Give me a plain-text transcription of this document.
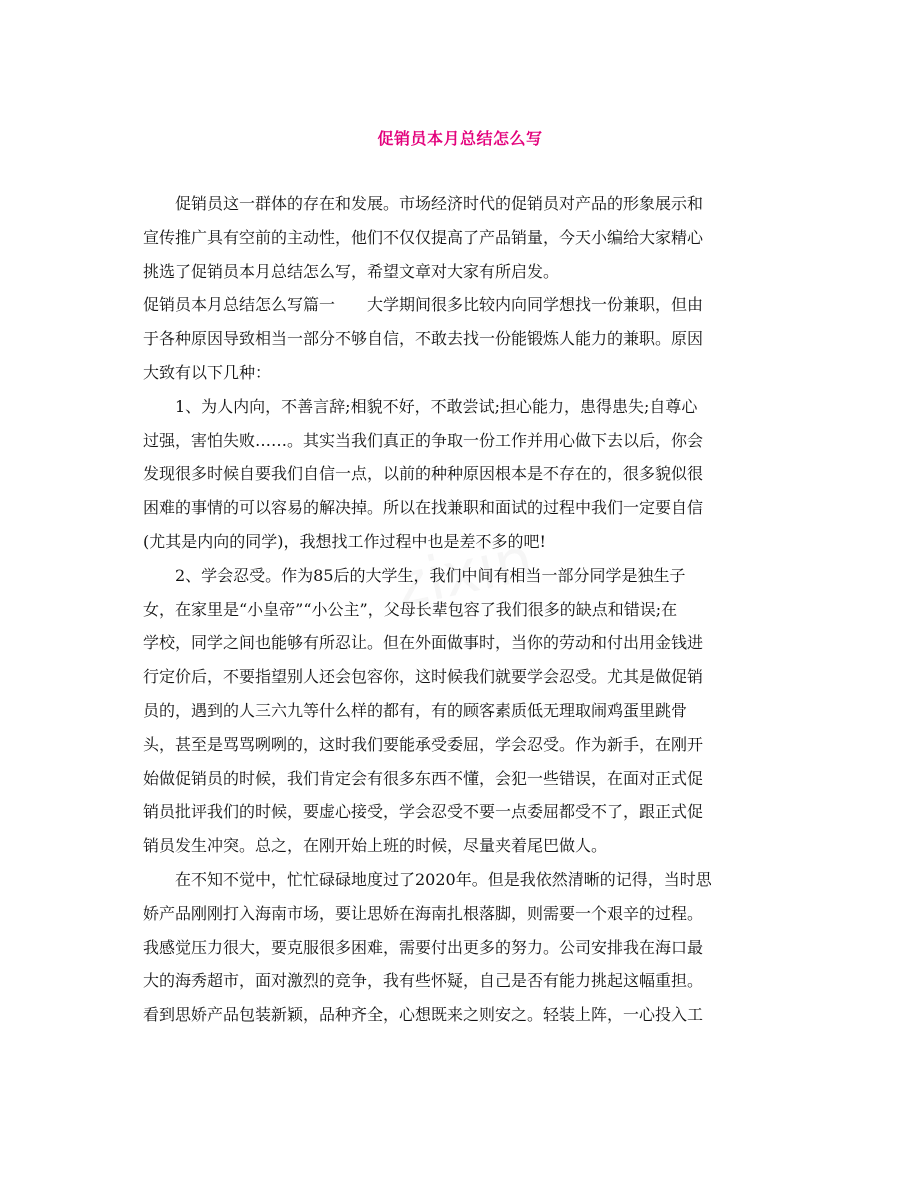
促销员本月总结怎么写
促销员这一群体的存在和发展。市场经济时代的促销员对产品的形象展示和
宣传推广具有空前的主动性，他们不仅仅提高了产品销量，今天小编给大家精心
挑选了促销员本月总结怎么写，希望文章对大家有所启发。
促销员本月总结怎么写篇一　　大学期间很多比较内向同学想找一份兼职，但由
于各种原因导致相当一部分不够自信，不敢去找一份能锻炼人能力的兼职。原因
大致有以下几种：
1、为人内向，不善言辞;相貌不好，不敢尝试;担心能力，患得患失;自尊心
过强，害怕失败……。其实当我们真正的争取一份工作并用心做下去以后，你会
发现很多时候自要我们自信一点，以前的种种原因根本是不存在的，很多貌似很
困难的事情的可以容易的解决掉。所以在找兼职和面试的过程中我们一定要自信
(尤其是内向的同学)，我想找工作过程中也是差不多的吧!
2、学会忍受。作为85后的大学生，我们中间有相当一部分同学是独生子
女，在家里是“小皇帝”“小公主”，父母长辈包容了我们很多的缺点和错误;在
学校，同学之间也能够有所忍让。但在外面做事时，当你的劳动和付出用金钱进
行定价后，不要指望别人还会包容你，这时候我们就要学会忍受。尤其是做促销
员的，遇到的人三六九等什么样的都有，有的顾客素质低无理取闹鸡蛋里跳骨
头，甚至是骂骂咧咧的，这时我们要能承受委屈，学会忍受。作为新手，在刚开
始做促销员的时候，我们肯定会有很多东西不懂，会犯一些错误，在面对正式促
销员批评我们的时候，要虚心接受，学会忍受不要一点委屈都受不了，跟正式促
销员发生冲突。总之，在刚开始上班的时候，尽量夹着尾巴做人。
在不知不觉中，忙忙碌碌地度过了2020年。但是我依然清晰的记得，当时思
娇产品刚刚打入海南市场，要让思娇在海南扎根落脚，则需要一个艰辛的过程。
我感觉压力很大，要克服很多困难，需要付出更多的努力。公司安排我在海口最
大的海秀超市，面对激烈的竞争，我有些怀疑，自己是否有能力挑起这幅重担。
看到思娇产品包装新颖，品种齐全，心想既来之则安之。轻装上阵，一心投入工
